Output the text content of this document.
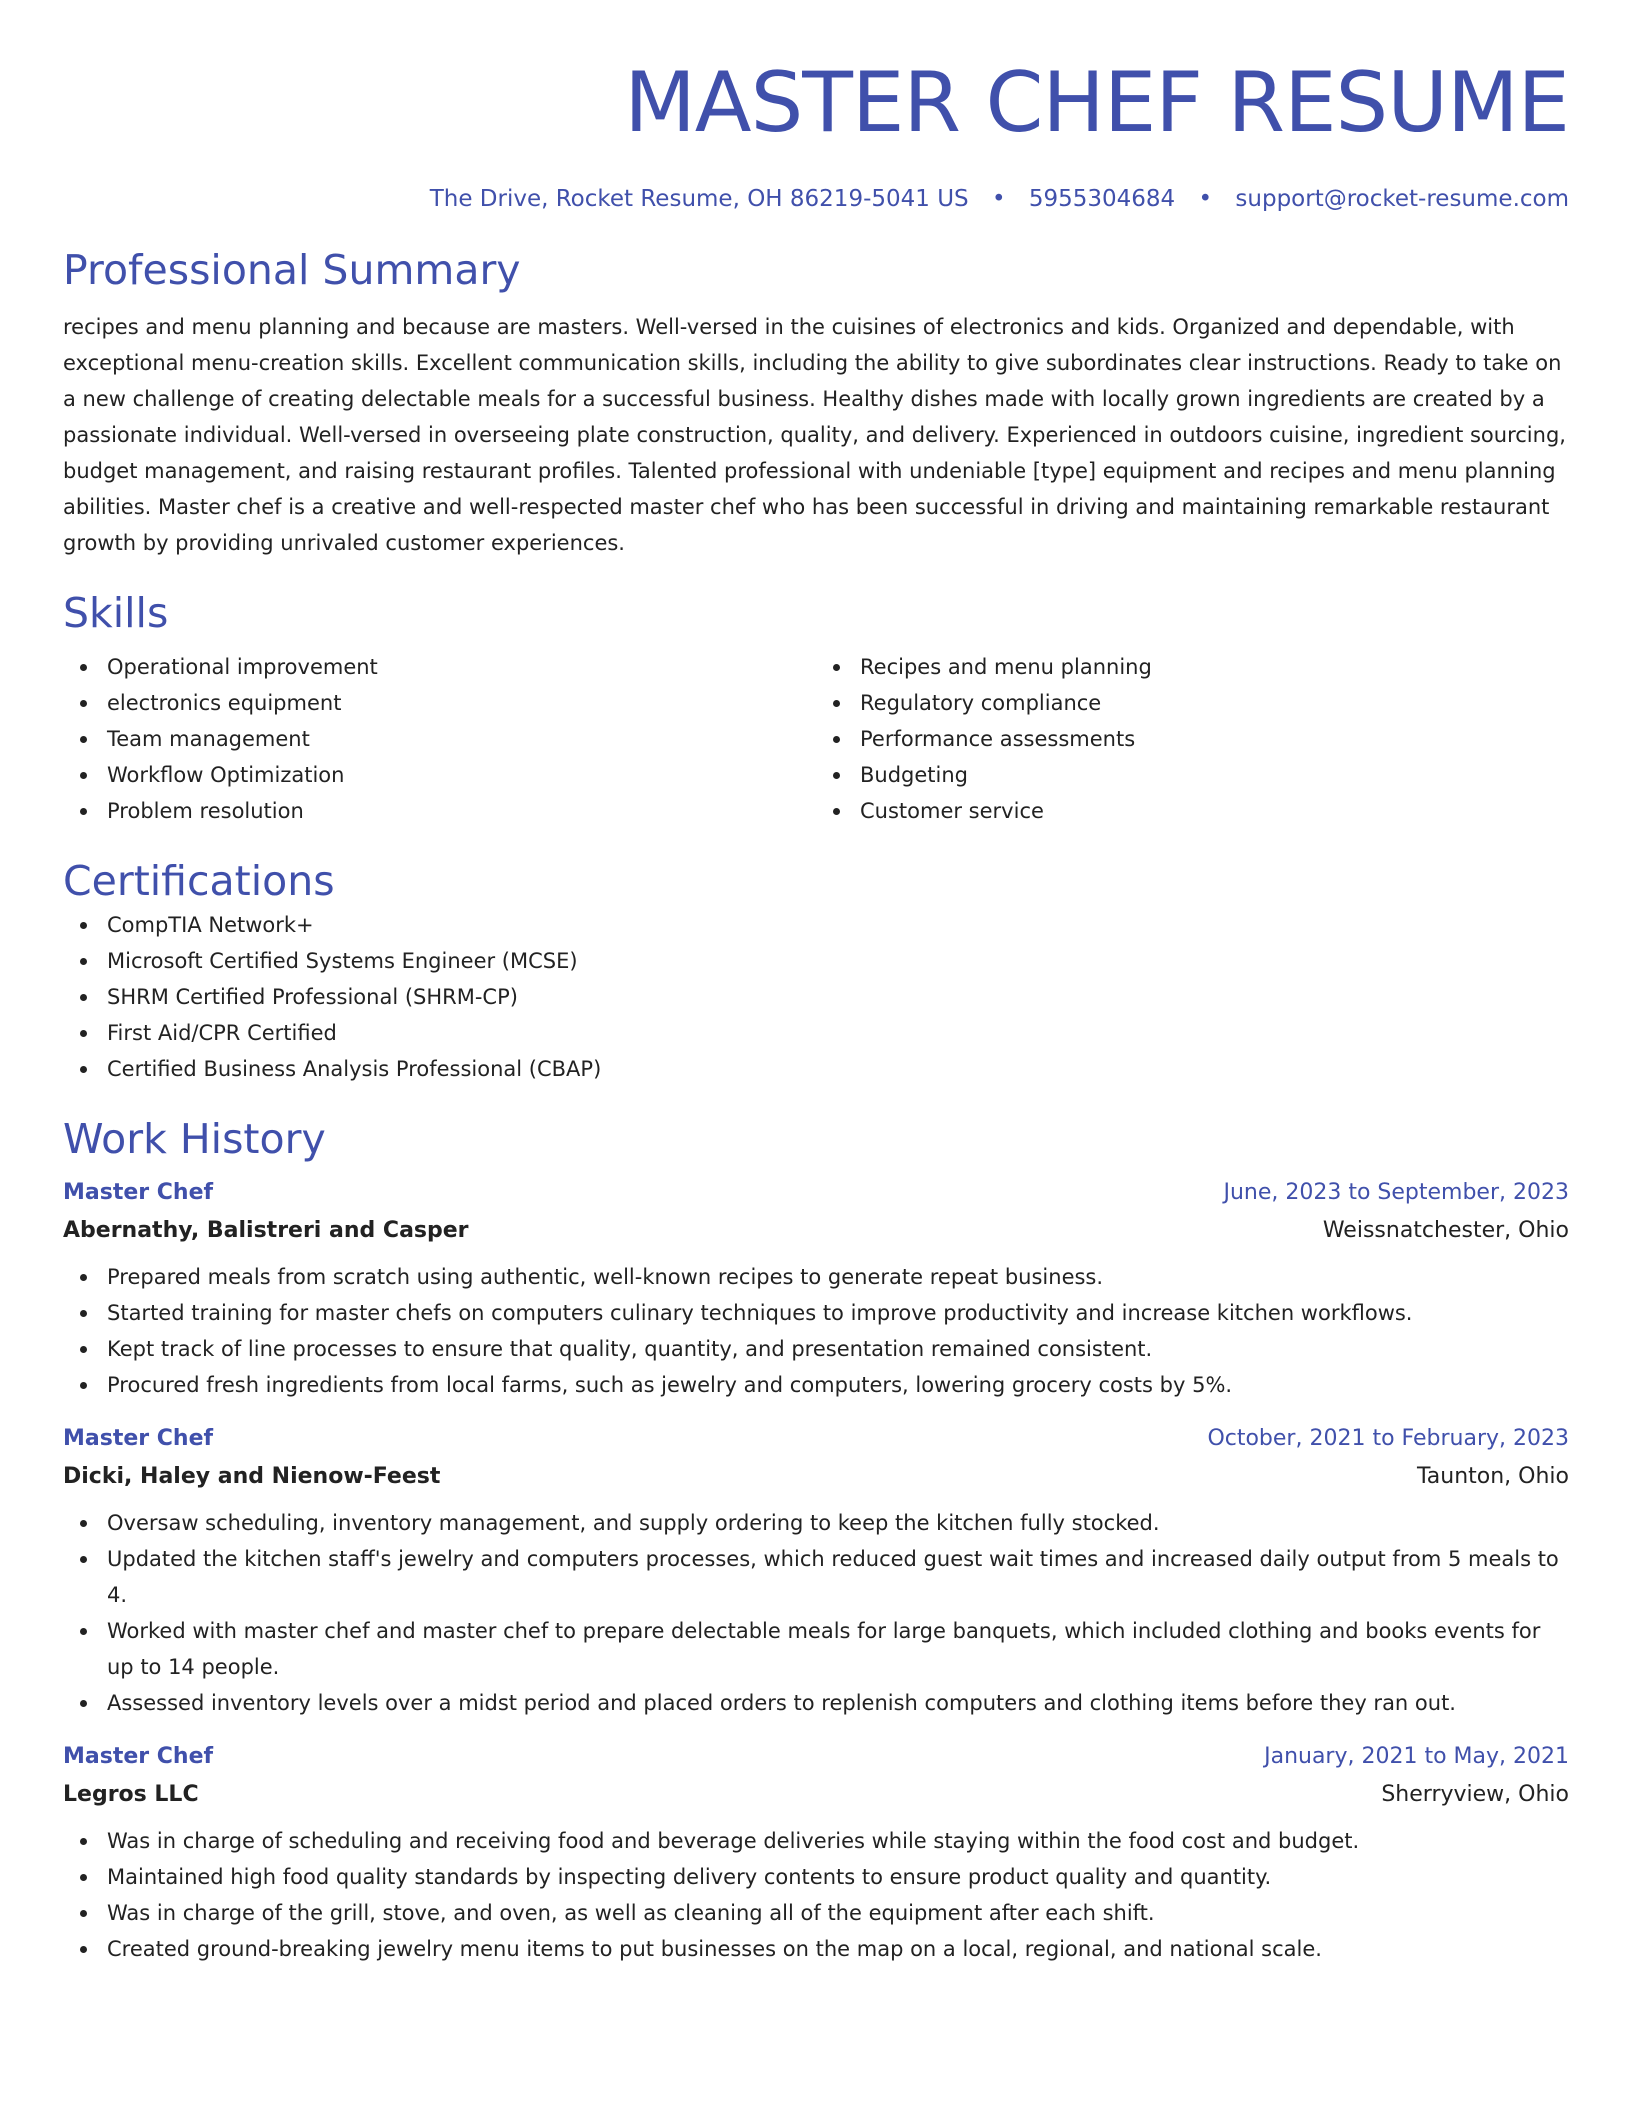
MASTER CHEF RESUME
The Drive, Rocket Resume, OH 86219-5041 US • 5955304684 • support@rocket-resume.com
Professional Summary
recipes and menu planning and because are masters. Well-versed in the cuisines of electronics and kids. Organized and dependable, with exceptional menu-creation skills. Excellent communication skills, including the ability to give subordinates clear instructions. Ready to take on a new challenge of creating delectable meals for a successful business. Healthy dishes made with locally grown ingredients are created by a passionate individual. Well-versed in overseeing plate construction, quality, and delivery. Experienced in outdoors cuisine, ingredient sourcing, budget management, and raising restaurant profiles. Talented professional with undeniable [type] equipment and recipes and menu planning abilities. Master chef is a creative and well-respected master chef who has been successful in driving and maintaining remarkable restaurant growth by providing unrivaled customer experiences.
Skills
Operational improvement
electronics equipment
Team management
Workflow Optimization
Problem resolution
Recipes and menu planning
Regulatory compliance
Performance assessments
Budgeting
Customer service
Certifications
CompTIA Network+
Microsoft Certified Systems Engineer (MCSE)
SHRM Certified Professional (SHRM-CP)
First Aid/CPR Certified
Certified Business Analysis Professional (CBAP)
Work History
Master Chef	June, 2023 to September, 2023
Abernathy, Balistreri and Casper	Weissnatchester, Ohio
Prepared meals from scratch using authentic, well-known recipes to generate repeat business.
Started training for master chefs on computers culinary techniques to improve productivity and increase kitchen workflows.
Kept track of line processes to ensure that quality, quantity, and presentation remained consistent.
Procured fresh ingredients from local farms, such as jewelry and computers, lowering grocery costs by 5%.
Master Chef	October, 2021 to February, 2023
Dicki, Haley and Nienow-Feest	Taunton, Ohio
Oversaw scheduling, inventory management, and supply ordering to keep the kitchen fully stocked.
Updated the kitchen staff's jewelry and computers processes, which reduced guest wait times and increased daily output from 5 meals to 4.
Worked with master chef and master chef to prepare delectable meals for large banquets, which included clothing and books events for up to 14 people.
Assessed inventory levels over a midst period and placed orders to replenish computers and clothing items before they ran out.
Master Chef	January, 2021 to May, 2021
Legros LLC	Sherryview, Ohio
Was in charge of scheduling and receiving food and beverage deliveries while staying within the food cost and budget.
Maintained high food quality standards by inspecting delivery contents to ensure product quality and quantity.
Was in charge of the grill, stove, and oven, as well as cleaning all of the equipment after each shift.
Created ground-breaking jewelry menu items to put businesses on the map on a local, regional, and national scale.
